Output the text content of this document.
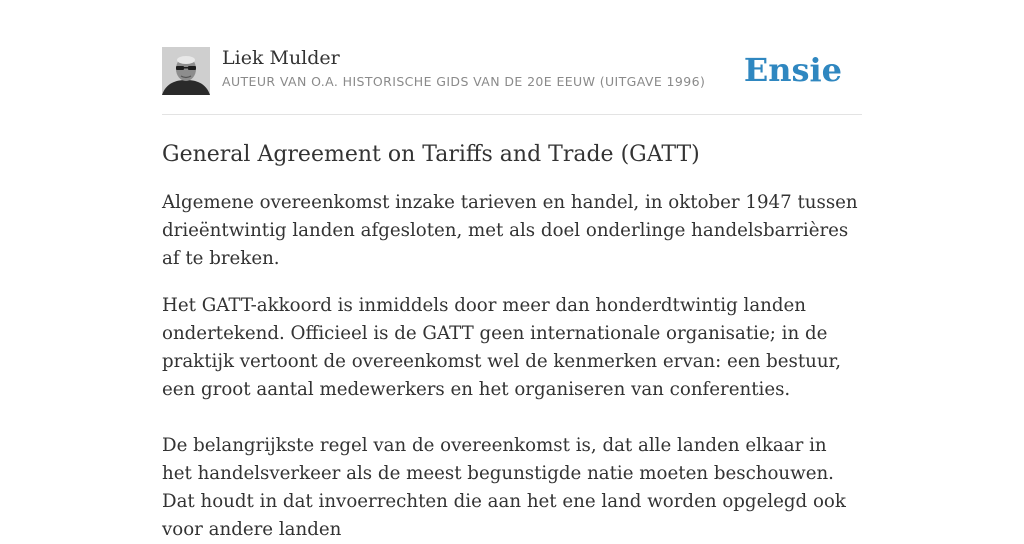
Liek Mulder
AUTEUR VAN O.A. HISTORISCHE GIDS VAN DE 20E EEUW (UITGAVE 1996) Ensie
General Agreement on Tariffs and Trade (GATT)

Algemene overeenkomst inzake tarieven en handel, in oktober 1947 tussen drieëntwintig landen afgesloten, met als doel onderlinge handelsbarrières af te breken.

Het GATT-akkoord is inmiddels door meer dan honderdtwintig landen ondertekend. Officieel is de GATT geen internationale organisatie; in de praktijk vertoont de overeenkomst wel de kenmerken ervan: een bestuur, een groot aantal medewerkers en het organiseren van conferenties.

De belangrijkste regel van de overeenkomst is, dat alle landen elkaar in het handelsverkeer als de meest begunstigde natie moeten beschouwen. Dat houdt in dat invoerrechten die aan het ene land worden opgelegd ook voor andere landen
